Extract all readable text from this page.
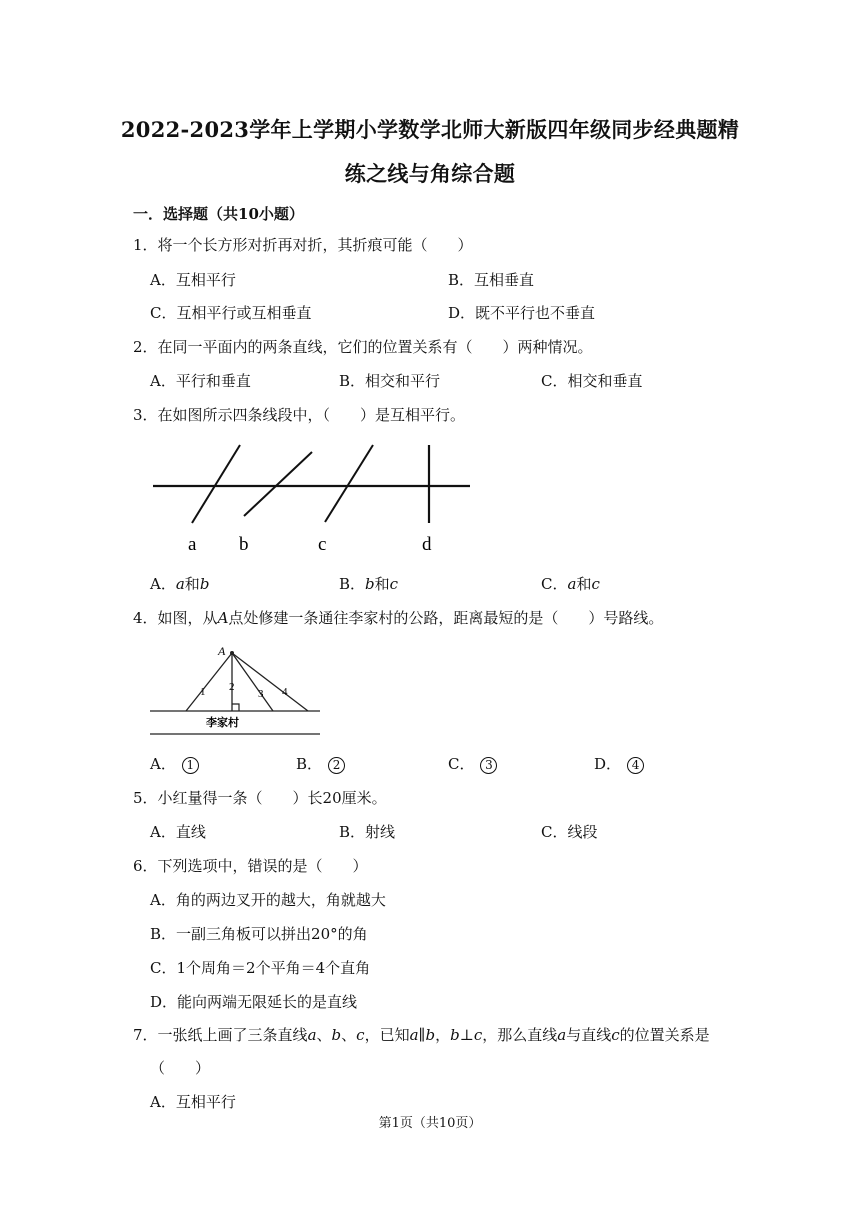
2022-2023学年上学期小学数学北师大新版四年级同步经典题精
练之线与角综合题
一．选择题（共10小题）
1．将一个长方形对折再对折，其折痕可能（　　）
A．互相平行	B．互相垂直
C．互相平行或互相垂直	D．既不平行也不垂直
2．在同一平面内的两条直线，它们的位置关系有（　　）两种情况。
A．平行和垂直	B．相交和平行	C．相交和垂直
3．在如图所示四条线段中，（　　）是互相平行。
a b	c	d
A．a和b	B．b和c	C．a和c
4．如图，从A点处修建一条通往李家村的公路，距离最短的是（　　）号路线。
A
1 2
3 4
李家村
A． 1	B． 2	C． 3	D． 4
5．小红量得一条（　　）长20厘米。
A．直线	B．射线	C．线段
6．下列选项中，错误的是（　　）
A．角的两边叉开的越大，角就越大
B．一副三角板可以拼出20°的角
C．1个周角＝2个平角＝4个直角
D．能向两端无限延长的是直线
7．一张纸上画了三条直线a、b、c，已知a∥b，b⊥c，那么直线a与直线c的位置关系是
（　　）
A．互相平行
第1页（共10页）
